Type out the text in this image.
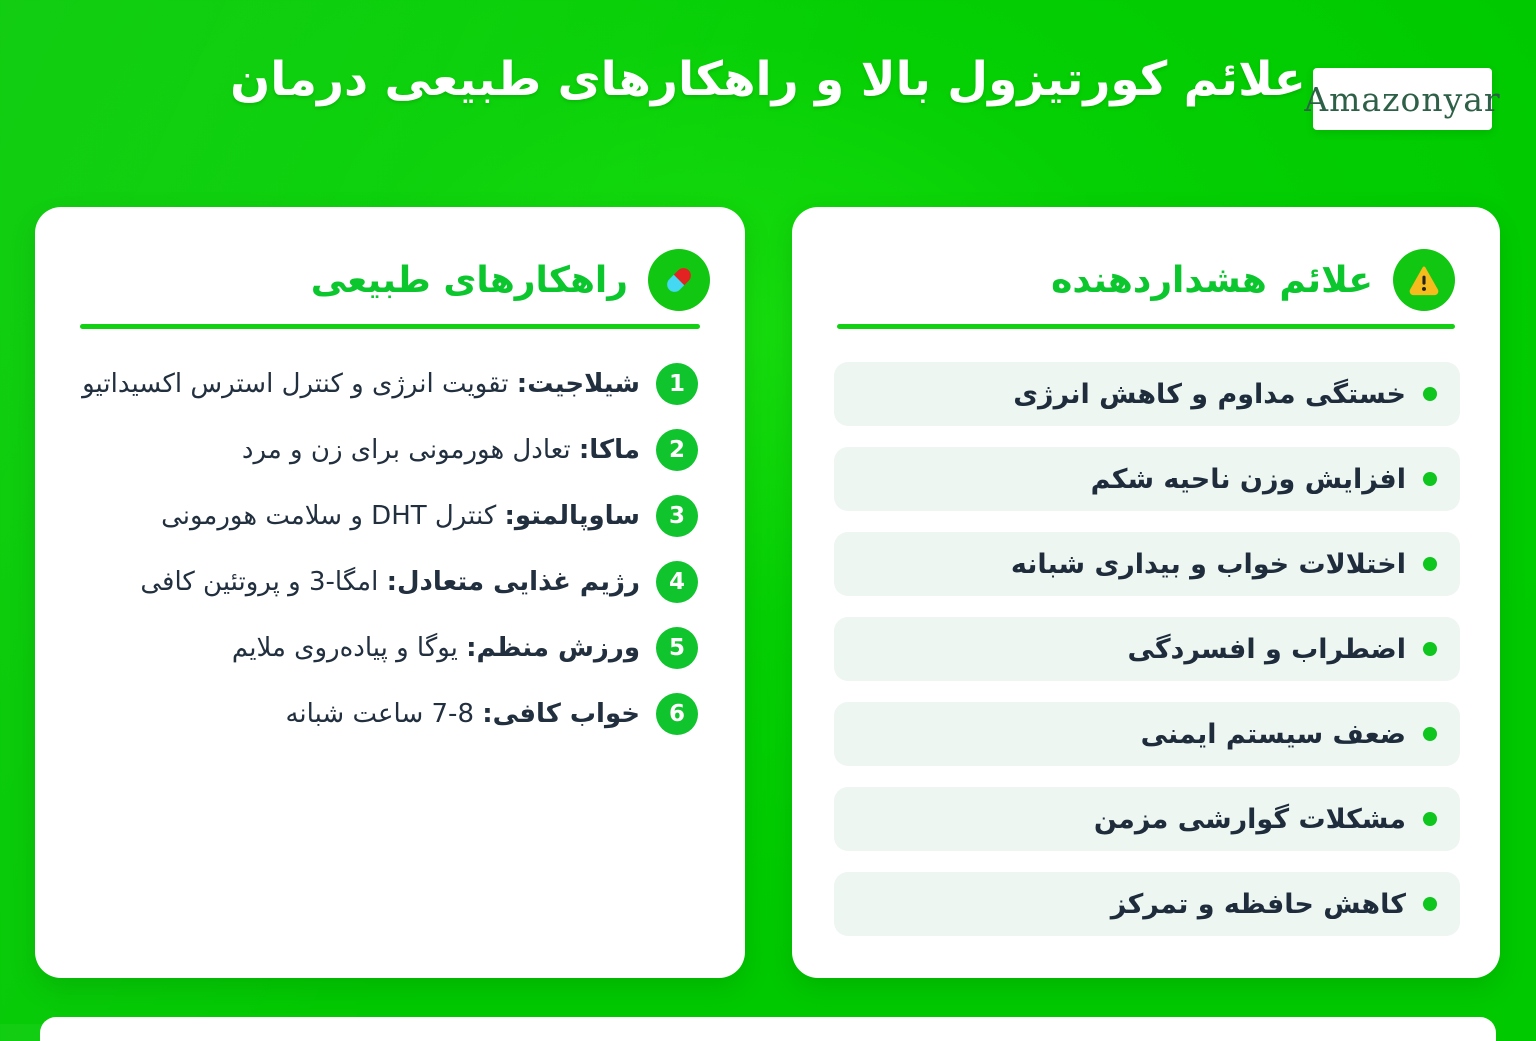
علائم کورتیزول بالا و راهکارهای طبیعی درمان
Amazonyar
علائم هشداردهنده
خستگی مداوم و کاهش انرژی
افزایش وزن ناحیه شکم
اختلالات خواب و بیداری شبانه
اضطراب و افسردگی
ضعف سیستم ایمنی
مشکلات گوارشی مزمن
کاهش حافظه و تمرکز
راهکارهای طبیعی
1
شیلاجیت: تقویت انرژی و کنترل استرس اکسیداتیو
2
ماکا: تعادل هورمونی برای زن و مرد
3
ساوپالمتو: کنترل DHT و سلامت هورمونی
4
رژیم غذایی متعادل: امگا-3 و پروتئین کافی
5
ورزش منظم: یوگا و پیاده‌روی ملایم
6
خواب کافی: 8-7 ساعت شبانه
